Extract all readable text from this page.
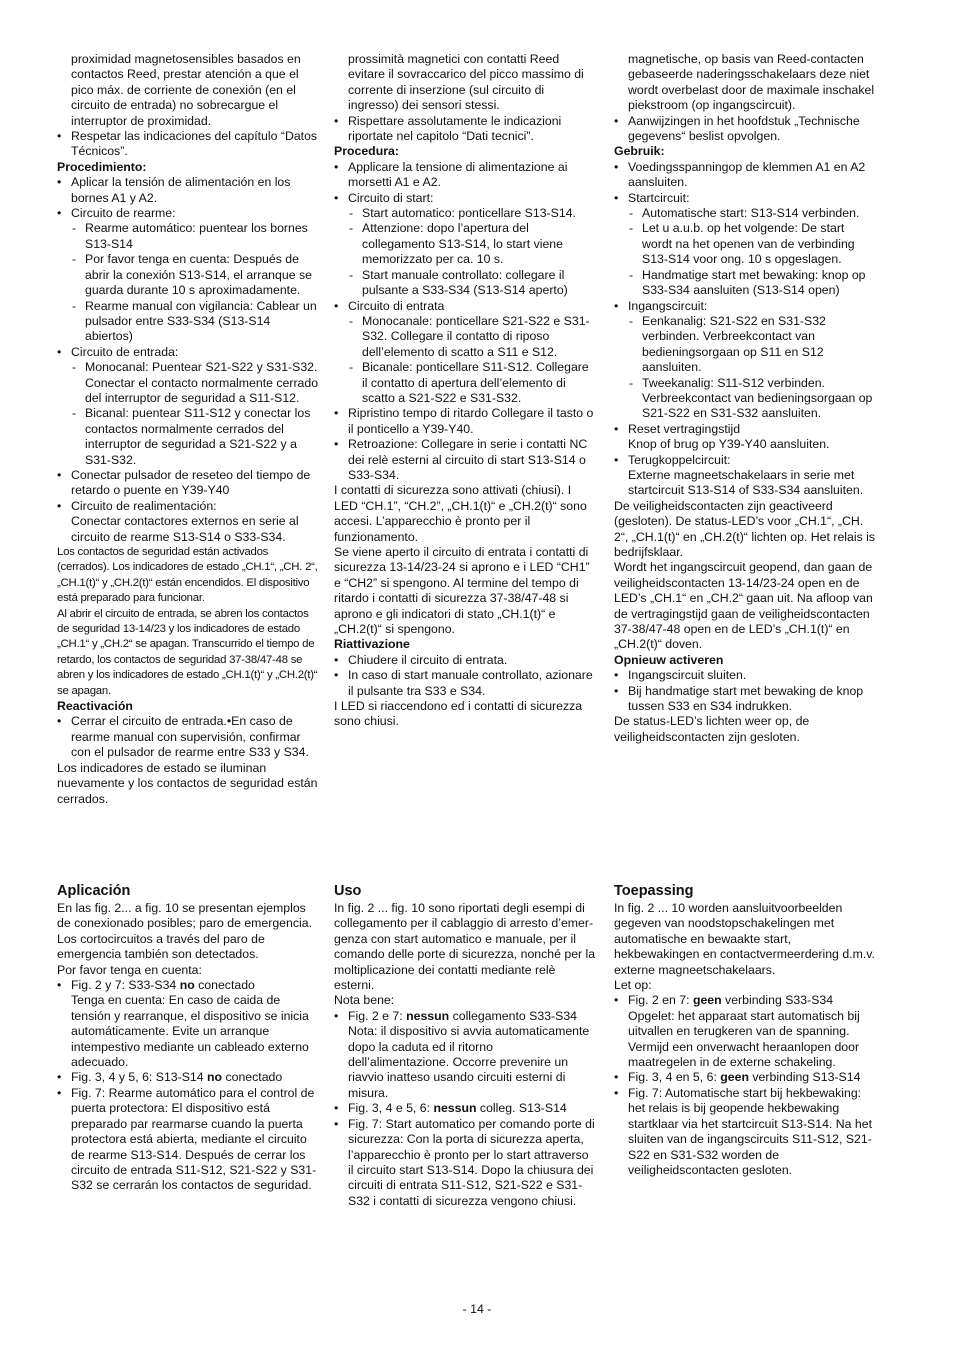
proximidad magnetosensibles basados en contactos Reed, prestar atención a que el pico máx. de corriente de conexión (en el circuito de entrada) no sobrecargue el interruptor de proximidad.
• Respetar las indicaciones del capítulo “Datos Técnicos”.

Procedimiento:

• Aplicar la tensión de alimentación en los bornes A1 y A2.
• Circuito de rearme:
- Rearme automático: puentear los bornes S13-S14
- Por favor tenga en cuenta: Después de abrir la conexión S13-S14, el arranque se guarda durante 10 s aproximadamente.
- Rearme manual con vigilancia: Cablear un pulsador entre S33-S34 (S13-S14 abiertos)
• Circuito de entrada:
- Monocanal: Puentear S21-S22 y S31-S32. Conectar el contacto normalmente cerrado del interruptor de seguridad a S11-S12.
- Bicanal: puentear S11-S12 y conectar los contactos normalmente cerrados del interruptor de seguridad a S21-S22 y a S31-S32.
• Conectar pulsador de reseteo del tiempo de retardo o puente en Y39-Y40
• Circuito de realimentación:
Conectar contactores externos en serie al circuito de rearme S13-S14 o S33-S34.

Los contactos de seguridad están activados (cerrados). Los indicadores de estado „CH.1“, „CH. 2“, „CH.1(t)“ y „CH.2(t)“ están encendidos. El dispositivo está preparado para funcionar.

Al abrir el circuito de entrada, se abren los contactos de seguridad 13-14/23 y los indicadores de estado „CH.1“ y „CH.2“ se apagan. Transcurrido el tiempo de retardo, los contactos de seguridad 37-38/47-48 se abren y los indicadores de estado „CH.1(t)“ y „CH.2(t)“ se apagan.

Reactivación

• Cerrar el circuito de entrada.•En caso de rearme manual con supervisión, confirmar con el pulsador de rearme entre S33 y S34.

Los indicadores de estado se iluminan nuevamente y los contactos de seguridad están cerrados.

prossimità magnetici con contatti Reed evitare il sovraccarico del picco massimo di corrente di inserzione (sul circuito di ingresso) dei sensori stessi.
• Rispettare assolutamente le indicazioni riportate nel capitolo “Dati tecnici”.

Procedura:

• Applicare la tensione di alimentazione ai morsetti A1 e A2.
• Circuito di start:
- Start automatico: ponticellare S13-S14.
- Attenzione: dopo l’apertura del collegamento S13-S14, lo start viene memorizzato per ca. 10 s.
- Start manuale controllato: collegare il pulsante a S33-S34 (S13-S14 aperto)
• Circuito di entrata
- Monocanale: ponticellare S21-S22 e S31-S32. Collegare il contatto di riposo dell’elemento di scatto a S11 e S12.
- Bicanale: ponticellare S11-S12. Collegare il contatto di apertura dell’elemento di scatto a S21-S22 e S31-S32.
• Ripristino tempo di ritardo Collegare il tasto o il ponticello a Y39-Y40.
• Retroazione: Collegare in serie i contatti NC dei relè esterni al circuito di start S13-S14 o S33-S34.

I contatti di sicurezza sono attivati (chiusi). I LED “CH.1”, “CH.2”, „CH.1(t)“ e „CH.2(t)“ sono accesi. L’apparecchio è pronto per il funzionamento.

Se viene aperto il circuito di entrata i contatti di sicurezza 13-14/23-24 si aprono e i LED “CH1” e “CH2” si spengono. Al termine del tempo di ritardo i contatti di sicurezza 37-38/47-48 si aprono e gli indicatori di stato „CH.1(t)“ e „CH.2(t)“ si spengono.

Riattivazione

• Chiudere il circuito di entrata.
• In caso di start manuale controllato, azionare il pulsante tra S33 e S34.

I LED si riaccendono ed i contatti di sicurezza sono chiusi.

magnetische, op basis van Reed-contacten gebaseerde naderingsschakelaars deze niet wordt overbelast door de maximale inschakel piekstroom (op ingangscircuit).
• Aanwijzingen in het hoofdstuk „Technische gegevens“ beslist opvolgen.

Gebruik:

• Voedingsspanningop de klemmen A1 en A2 aansluiten.
• Startcircuit:
- Automatische start: S13-S14 verbinden.
- Let u a.u.b. op het volgende: De start wordt na het openen van de verbinding S13-S14 voor ong. 10 s opgeslagen.
- Handmatige start met bewaking: knop op S33-S34 aansluiten (S13-S14 open)
• Ingangscircuit:
- Eenkanalig: S21-S22 en S31-S32 verbinden. Verbreekcontact van bedieningsorgaan op S11 en S12 aansluiten.
- Tweekanalig: S11-S12 verbinden. Verbreekcontact van bedieningsorgaan op S21-S22 en S31-S32 aansluiten.
• Reset vertragingstijd
Knop of brug op Y39-Y40 aansluiten.
• Terugkoppelcircuit:
Externe magneetschakelaars in serie met startcircuit S13-S14 of S33-S34 aansluiten.

De veiligheidscontacten zijn geactiveerd (gesloten). De status-LED’s voor „CH.1“, „CH. 2“, „CH.1(t)“ en „CH.2(t)“ lichten op. Het relais is bedrijfsklaar.

Wordt het ingangscircuit geopend, dan gaan de veiligheidscontacten 13-14/23-24 open en de LED’s „CH.1“ en „CH.2“ gaan uit. Na afloop van de vertragingstijd gaan de veiligheidscontacten 37-38/47-48 open en de LED’s „CH.1(t)“ en „CH.2(t)“ doven.

Opnieuw activeren

• Ingangscircuit sluiten.
• Bij handmatige start met bewaking de knop tussen S33 en S34 indrukken.

De status-LED’s lichten weer op, de veiligheidscontacten zijn gesloten.

Aplicación

En las fig. 2... a fig. 10 se presentan ejemplos de conexionado posibles; paro de emergencia. Los cortocircuitos a través del paro de emergencia también son detectados.

Por favor tenga en cuenta:

• Fig. 2 y 7: S33-S34 no conectado
Tenga en cuenta: En caso de caida de tensión y rearranque, el dispositivo se inicia automáticamente. Evite un arranque intempestivo mediante un cableado externo adecuado.
• Fig. 3, 4 y 5, 6: S13-S14 no conectado
• Fig. 7: Rearme automático para el control de puerta protectora: El dispositivo está preparado par rearmarse cuando la puerta protectora está abierta, mediante el circuito de rearme S13-S14. Después de cerrar los circuito de entrada S11-S12, S21-S22 y S31-S32 se cerrarán los contactos de seguridad.
Uso

In fig. 2 ... fig. 10 sono riportati degli esempi di collegamento per il cablaggio di arresto d’emer-genza con start automatico e manuale, per il comando delle porte di sicurezza, nonché per la moltiplicazione dei contatti mediante relè esterni.

Nota bene:

• Fig. 2 e 7: nessun collegamento S33-S34
Nota: il dispositivo si avvia automaticamente dopo la caduta ed il ritorno dell’alimentazione. Occorre prevenire un riavvio inatteso usando circuiti esterni di misura.
• Fig. 3, 4 e 5, 6: nessun colleg. S13-S14
• Fig. 7: Start automatico per comando porte di sicurezza: Con la porta di sicurezza aperta, l’apparecchio è pronto per lo start attraverso il circuito start S13-S14. Dopo la chiusura dei circuiti di entrata S11-S12, S21-S22 e S31-S32 i contatti di sicurezza vengono chiusi.
Toepassing

In fig. 2 ... 10 worden aansluitvoorbeelden gegeven van noodstopschakelingen met automatische en bewaakte start, hekbewakingen en contactvermeerdering d.m.v. externe magneetschakelaars.

Let op:

• Fig. 2 en 7: geen verbinding S33-S34
Opgelet: het apparaat start automatisch bij uitvallen en terugkeren van de spanning. Vermijd een onverwacht heraanlopen door maatregelen in de externe schakeling.
• Fig. 3, 4 en 5, 6: geen verbinding S13-S14
• Fig. 7: Automatische start bij hekbewaking: het relais is bij geopende hekbewaking startklaar via het startcircuit S13-S14. Na het sluiten van de ingangscircuits S11-S12, S21-S22 en S31-S32 worden de veiligheidscontacten gesloten.
- 14 -
